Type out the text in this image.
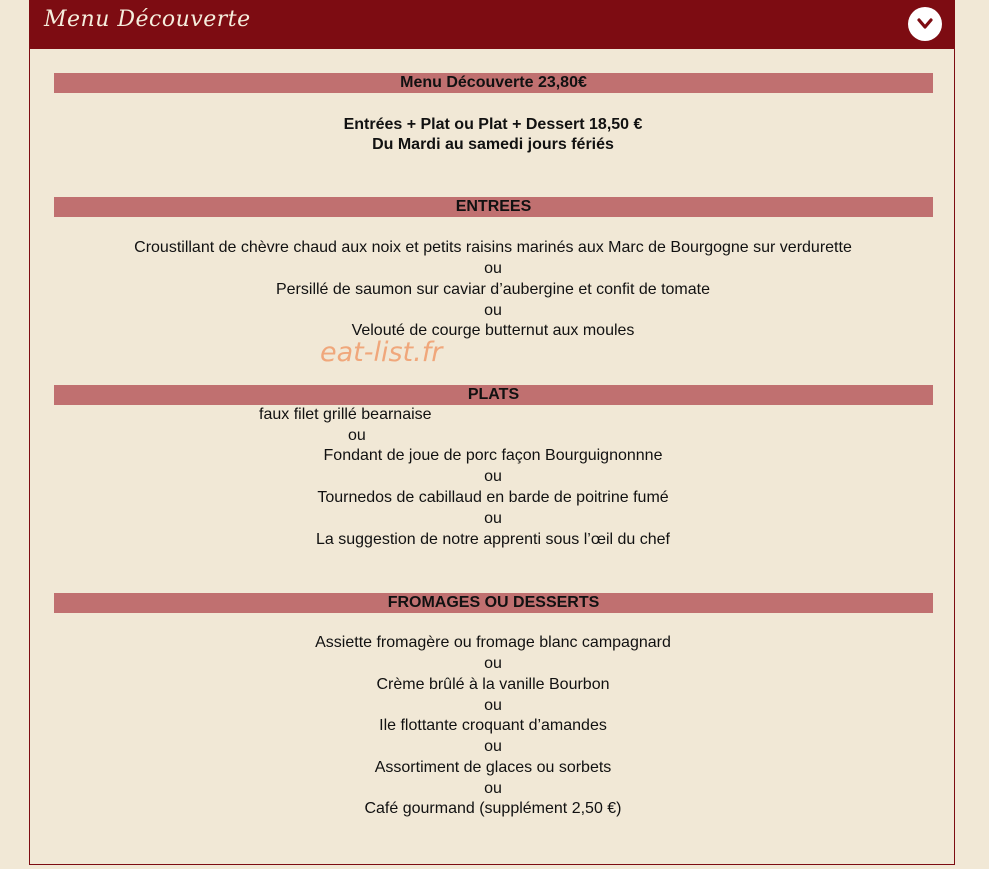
Menu Découverte
Menu Découverte 23,80€
Entrées + Plat ou Plat + Dessert 18,50 €
Du Mardi au samedi jours fériés
ENTREES
Croustillant de chèvre chaud aux noix et petits raisins marinés aux Marc de Bourgogne sur verdurette
ou
Persillé de saumon sur caviar d’aubergine et confit de tomate
ou
Velouté de courge butternut aux moules
eat-list.fr
PLATS
faux filet grillé bearnaise
ou
Fondant de joue de porc façon Bourguignonnne
ou
Tournedos de cabillaud en barde de poitrine fumé
ou
La suggestion de notre apprenti sous l’œil du chef
FROMAGES OU DESSERTS
Assiette fromagère ou fromage blanc campagnard
ou
Crème brûlé à la vanille Bourbon
ou
Ile flottante croquant d’amandes
ou
Assortiment de glaces ou sorbets
ou
Café gourmand (supplément 2,50 €)
